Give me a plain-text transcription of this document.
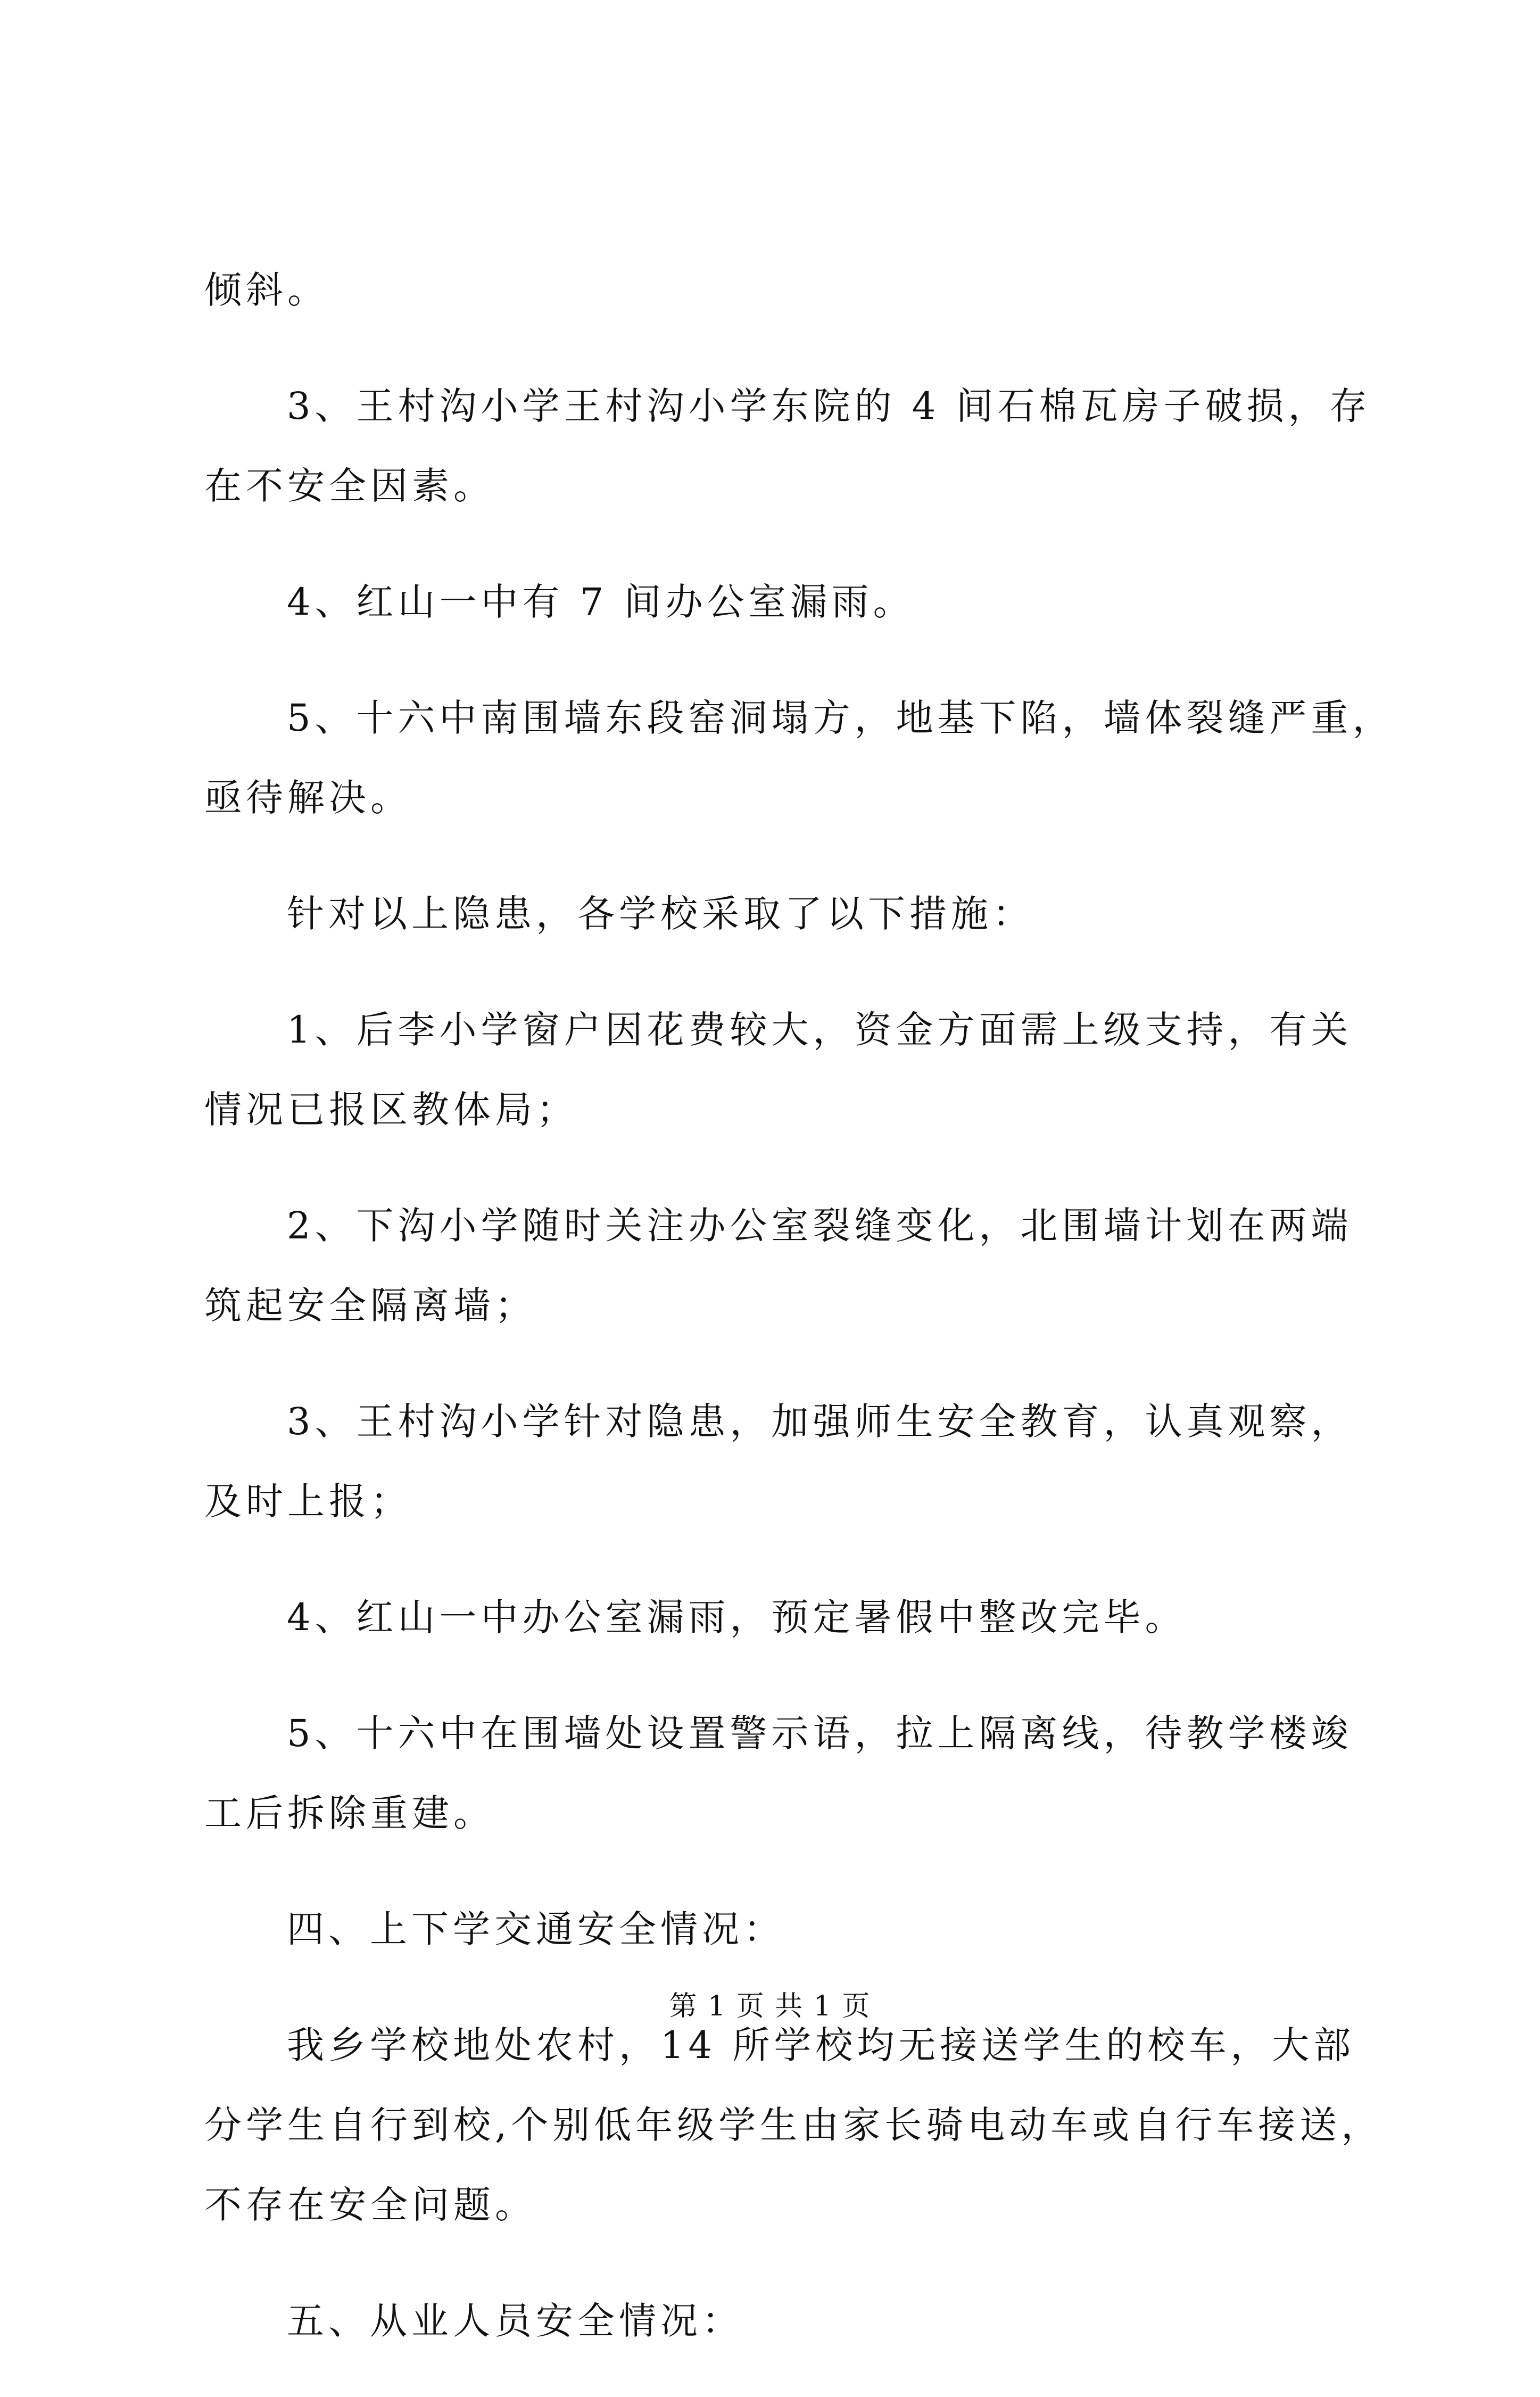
倾斜。

3、王村沟小学王村沟小学东院的 4 间石棉瓦房子破损，存
在不安全因素。

4、红山一中有 7 间办公室漏雨。

5、十六中南围墙东段窑洞塌方，地基下陷，墙体裂缝严重，
亟待解决。

针对以上隐患，各学校采取了以下措施：

1、后李小学窗户因花费较大，资金方面需上级支持，有关
情况已报区教体局；

2、下沟小学随时关注办公室裂缝变化，北围墙计划在两端
筑起安全隔离墙；

3、王村沟小学针对隐患，加强师生安全教育，认真观察，
及时上报；

4、红山一中办公室漏雨，预定暑假中整改完毕。

5、十六中在围墙处设置警示语，拉上隔离线，待教学楼竣
工后拆除重建。

四、上下学交通安全情况：

我乡学校地处农村，14 所学校均无接送学生的校车，大部
分学生自行到校,个别低年级学生由家长骑电动车或自行车接送，
不存在安全问题。

五、从业人员安全情况：

第 1 页 共 1 页
